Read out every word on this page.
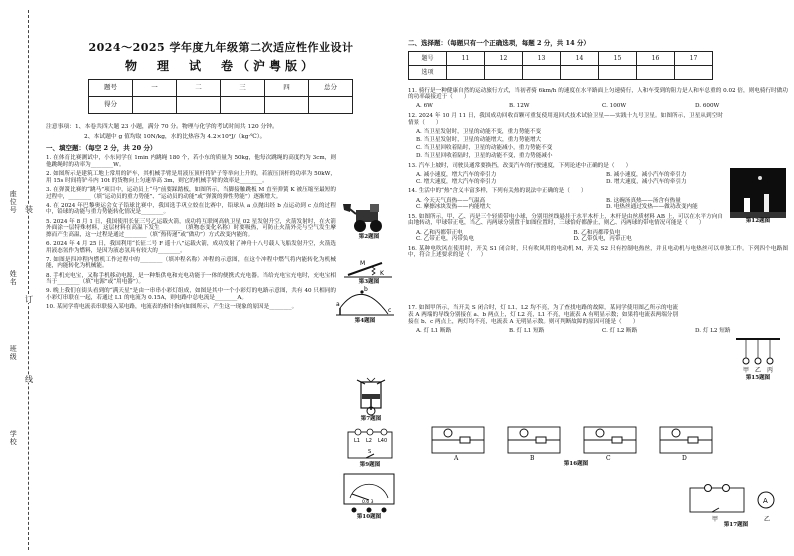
座位号
姓名
班级
学校
装
订
线
2024～2025 学年度九年级第二次适应性作业设计
物　理　试　卷（沪粤版）
题号	一	二	三	四	总分
得分					
注意事项：1、本卷共四大题 23 小题，满分 70 分。物理与化学的考试时间共 120 分钟。
2、本试题中 g 值均取 10N/kg，水的比热容为 4.2×10³J/（kg·℃）。
一、填空题：（每空 2 分，共 20 分）
1. 在体育比赛测试中，小东同学在 1min 内跳绳 180 个，若小东的质量为 50kg，他每次跳绳的高度约为 3cm，则他跳绳时的功率为________W。
2. 如图所示是建筑工地上常用的铲车，其机械手臂是用液压顶杆将铲子等举向上升的，若液压顶杆的功率为 50kW，用 15s 时间将铲斗内 10t 的货物向上匀速举高 3m，则它的机械手臂的效率是________。
3. 在弹簧比赛的“跳马”项目中，运动员上“马”前要踩踏板，如图所示，当脚接触跳板 M 直至弹簧 K 被压缩至最短的过程中，________（填“运动员的重力势能”、“运动员的动能”或“弹簧的弹性势能”）逐渐增大。
4. 在 2024 年巴黎奥运会女子铅球比赛中，我国选手巩立姣在比赛中，铅球从 a 点抛出经 b 点运动到 c 点的过程中，铅球的动能与重力势能转化情况是________。
5. 2024 年 8 月 1 日，我国使用长征三号乙运载火箭，成功将互联网高轨卫星 02 星发射升空，火箭发射时，在火箭外面涂一层特殊材料，这层材料在高温下发生________（填物态变化名称）时要吸热，可防止火箭外壳与空气发生摩擦而产生高温，这一过程是通过________（填“热传递”或“做功”）方式改变内能的。
6. 2024 年 4 月 25 日，我国利用“长征二号 F 遥十八”运载火箭，成功发射了神舟十八号载人飞船发射升空，火箭选用液态氢作为燃料，是因为液态氢具有较大的________。
7. 如图是四冲程内燃机工作过程中的________（填冲程名称）冲程的示意图，在这个冲程中燃气将内能转化为机械能，内能转化为机械能。
8. 手机充电宝，又称手机移动电源，是一种集供电和充电功能于一体的便携式充电器。当给充电宝充电时，充电宝相当于________（填“电源”或“用电器”）。
9. 晚上我们在街头看到的“满天星”是由一串串小彩灯组成，如图是其中一个小彩灯的电路示意图，共有 40 只相同的小彩灯串联在一起，若通过 L1 的电流为 0.15A，则电路中总电流是________A。
10. 某同学将电流表串联接入某电路，电流表的指针指向如图所示，产生这一现象的原因是________。
第2题图
M
K
第3题图
a
b
c
第4题图
第7题图
L1 L2 L40
S
第9题图
0.6 3
第10题图
二、选择题：（每题只有一个正确选项，每题 2 分，共 14 分）
题号	11	12	13	14	15	16	17
选项							
11. 骑行是一种健康自然的运动旅行方式，当初者骑 6km/h 的速度在水平路面上匀速骑行，人和车受到的阻力是人和车总重的 0.02 倍，则电骑行时做功的功率最接近于（　　）
A. 6W	B. 12W	C. 100W	D. 600W
12. 2024 年 10 月 11 日，我国成功回收首颗可重复使用返回式技术试验卫星——实践十九号卫星。如图所示，卫星从到空时情景（　　）
A. 当卫星发射时，卫星的动能不变，重力势能不变
B. 当卫星发射时，卫星的动能增大，重力势能增大
C. 当卫星回收着陆时，卫星的动能减小，重力势能不变
D. 当卫星回收着陆时，卫星的动能不变，重力势能减小
13. 汽车上坡时，司驶员通常要换挡，改变汽车的行驶速度，下列论述中正确的是（　　）
A. 减小速度，增大汽车的牵引力	B. 减小速度，减小汽车的牵引力
C. 增大速度，增大汽车的牵引力	D. 增大速度，减小汽车的牵引力
14. 生活中的“热”含义丰富多样，下列有关热的说法中正确的是（　　）
A. 今天天气真热——气温高	B. 这碗汤真热——汤含有热量
C. 摩擦冰块发热——内能增大	D. 电热丝通过发热——做功改变内能
15. 如图所示，甲、乙、丙是三个轻质带电小球，分别用丝线悬挂于水平木杆上，木杆是由丝质材料 AB 上，可以在水平方向自由地转动，甲球带正电，当乙、丙两球分别置于如图位置时，三球恰好都静止，则乙、丙两球的带电情况可能是（　　）
A. 乙和丙都带正电	B. 乙和丙都带负电
C. 乙带正电，丙带负电	D. 乙带负电，丙带正电
16. 某种电吹风在使用时，开关 S1 闭合时，只有吹风用的电动机 M，开关 S2 只有控制电热丝，并且电动机与电热丝可以单独工作。下列四个电路图中，符合上述要求的是（　　）
17. 如图甲所示，当开关 S 闭合时，灯 L1、L2 均不亮，为了查找电路的故障，某同学使用图乙所示的电流表 A 两端的导线分别接在 a、b 两点上，灯 L2 亮，L1 不亮，电流表 A 有明显示数；如果将电流表两端分别接在 b、c 两点上，两灯均不亮，电流表 A 无明显示数。则可判断故障的原因可能是（　　）
A. 灯 L1 断路	B. 灯 L1 短路	C. 灯 L2 断路	D. 灯 L2 短路
第12题图
甲 乙 丙
第15题图
A	B	C	D
第16题图
A
甲	乙
第17题图
